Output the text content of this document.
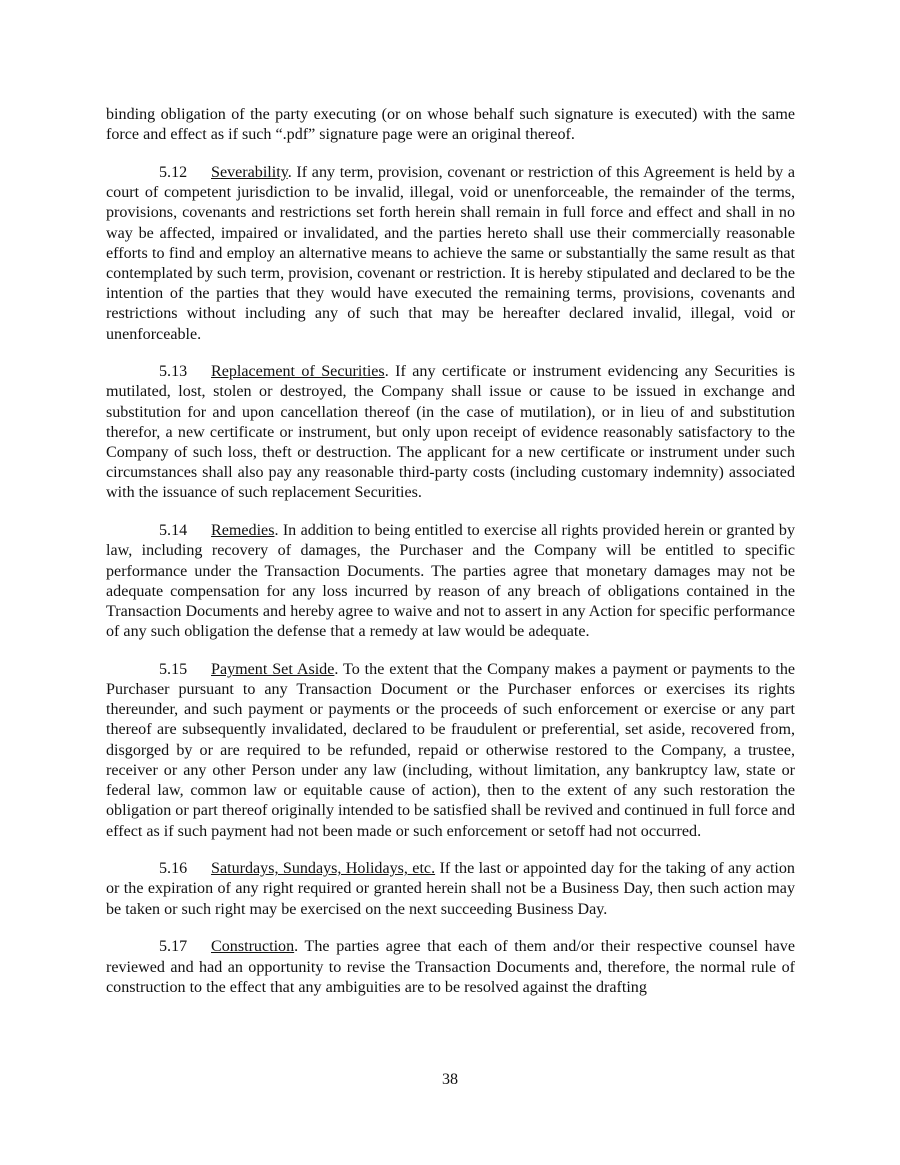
binding obligation of the party executing (or on whose behalf such signature is executed) with the same force and effect as if such “.pdf” signature page were an original thereof.

5.12 Severability. If any term, provision, covenant or restriction of this Agreement is held by a court of competent jurisdiction to be invalid, illegal, void or unenforceable, the remainder of the terms, provisions, covenants and restrictions set forth herein shall remain in full force and effect and shall in no way be affected, impaired or invalidated, and the parties hereto shall use their commercially reasonable efforts to find and employ an alternative means to achieve the same or substantially the same result as that contemplated by such term, provision, covenant or restriction. It is hereby stipulated and declared to be the intention of the parties that they would have executed the remaining terms, provisions, covenants and restrictions without including any of such that may be hereafter declared invalid, illegal, void or unenforceable.

5.13 Replacement of Securities. If any certificate or instrument evidencing any Securities is mutilated, lost, stolen or destroyed, the Company shall issue or cause to be issued in exchange and substitution for and upon cancellation thereof (in the case of mutilation), or in lieu of and substitution therefor, a new certificate or instrument, but only upon receipt of evidence reasonably satisfactory to the Company of such loss, theft or destruction. The applicant for a new certificate or instrument under such circumstances shall also pay any reasonable third-party costs (including customary indemnity) associated with the issuance of such replacement Securities.

5.14 Remedies. In addition to being entitled to exercise all rights provided herein or granted by law, including recovery of damages, the Purchaser and the Company will be entitled to specific performance under the Transaction Documents. The parties agree that monetary damages may not be adequate compensation for any loss incurred by reason of any breach of obligations contained in the Transaction Documents and hereby agree to waive and not to assert in any Action for specific performance of any such obligation the defense that a remedy at law would be adequate.

5.15 Payment Set Aside. To the extent that the Company makes a payment or payments to the Purchaser pursuant to any Transaction Document or the Purchaser enforces or exercises its rights thereunder, and such payment or payments or the proceeds of such enforcement or exercise or any part thereof are subsequently invalidated, declared to be fraudulent or preferential, set aside, recovered from, disgorged by or are required to be refunded, repaid or otherwise restored to the Company, a trustee, receiver or any other Person under any law (including, without limitation, any bankruptcy law, state or federal law, common law or equitable cause of action), then to the extent of any such restoration the obligation or part thereof originally intended to be satisfied shall be revived and continued in full force and effect as if such payment had not been made or such enforcement or setoff had not occurred.

5.16 Saturdays, Sundays, Holidays, etc. If the last or appointed day for the taking of any action or the expiration of any right required or granted herein shall not be a Business Day, then such action may be taken or such right may be exercised on the next succeeding Business Day.

5.17 Construction. The parties agree that each of them and/or their respective counsel have reviewed and had an opportunity to revise the Transaction Documents and, therefore, the normal rule of construction to the effect that any ambiguities are to be resolved against the drafting

38
